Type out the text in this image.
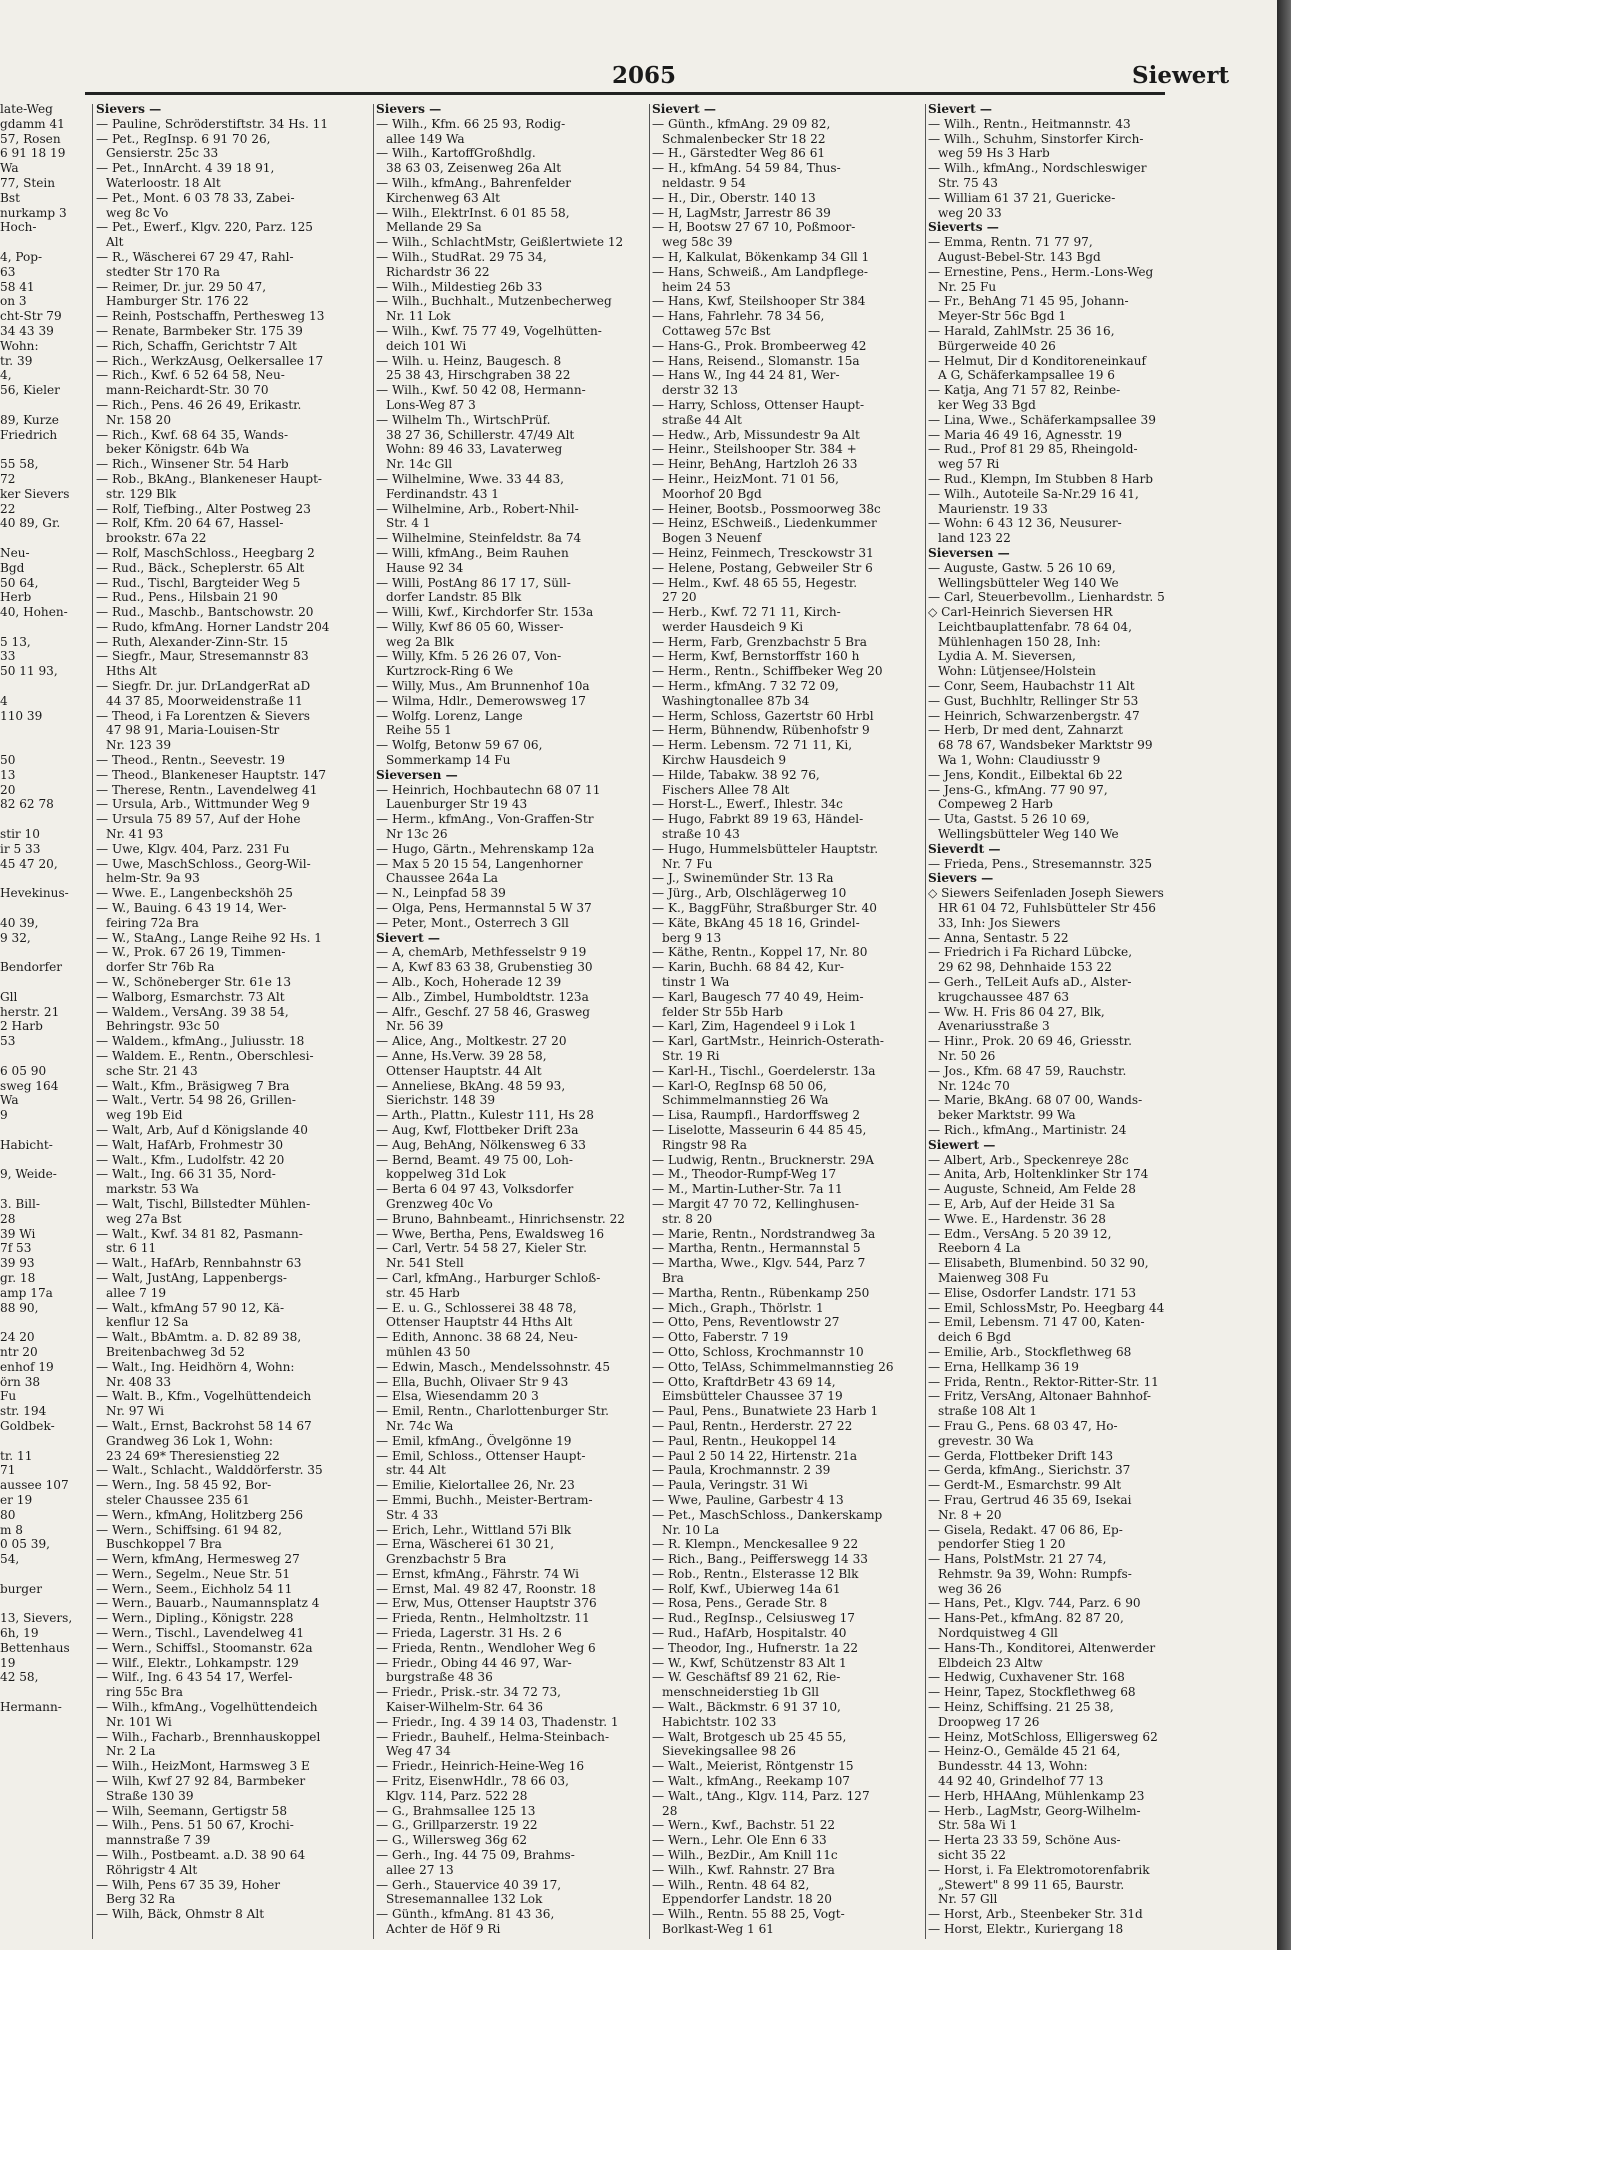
2065	Siewert
late-Weg
gdamm 41
57, Rosen
6 91 18 19
Wa
77, Stein
Bst
nurkamp 3
Hoch-

4, Pop-
63
58 41
on 3
cht-Str 79
34 43 39
Wohn:
tr. 39
4,
56, Kieler

89, Kurze
Friedrich

55 58,
72
ker Sievers
22
40 89, Gr.

Neu-
Bgd
50 64,
Herb
40, Hohen-

5 13,
33
50 11 93,

4
110 39

50
13
20
82 62 78

stir 10
ir 5 33
45 47 20,

Hevekinus-

40 39,
9 32,

Bendorfer

Gll
herstr. 21
2 Harb
53

6 05 90
sweg 164
Wa
9

Habicht-

9, Weide-

3. Bill-
28
39 Wi
7f 53
39 93
gr. 18
amp 17a
88 90,

24 20
ntr 20
enhof 19
örn 38
Fu
str. 194
Goldbek-

tr. 11
71
aussee 107
er 19
80
m 8
0 05 39,
54,

burger

13, Sievers,
6h, 19
Bettenhaus
19
42 58,

Hermann-
Sievers —
— Pauline, Schröderstiftstr. 34 Hs. 11
— Pet., RegInsp. 6 91 70 26,
Gensierstr. 25c 33
— Pet., InnArcht. 4 39 18 91,
Waterloostr. 18 Alt
— Pet., Mont. 6 03 78 33, Zabei-
weg 8c Vo
— Pet., Ewerf., Klgv. 220, Parz. 125
Alt
— R., Wäscherei 67 29 47, Rahl-
stedter Str 170 Ra
— Reimer, Dr. jur. 29 50 47,
Hamburger Str. 176 22
— Reinh, Postschaffn, Perthesweg 13
— Renate, Barmbeker Str. 175 39
— Rich, Schaffn, Gerichtstr 7 Alt
— Rich., WerkzAusg, Oelkersallee 17
— Rich., Kwf. 6 52 64 58, Neu-
mann-Reichardt-Str. 30 70
— Rich., Pens. 46 26 49, Erikastr.
Nr. 158 20
— Rich., Kwf. 68 64 35, Wands-
beker Königstr. 64b Wa
— Rich., Winsener Str. 54 Harb
— Rob., BkAng., Blankeneser Haupt-
str. 129 Blk
— Rolf, Tiefbing., Alter Postweg 23
— Rolf, Kfm. 20 64 67, Hassel-
brookstr. 67a 22
— Rolf, MaschSchloss., Heegbarg 2
— Rud., Bäck., Scheplerstr. 65 Alt
— Rud., Tischl, Bargteider Weg 5
— Rud., Pens., Hilsbain 21 90
— Rud., Maschb., Bantschowstr. 20
— Rudo, kfmAng. Horner Landstr 204
— Ruth, Alexander-Zinn-Str. 15
— Siegfr., Maur, Stresemannstr 83
Hths Alt
— Siegfr. Dr. jur. DrLandgerRat aD
44 37 85, Moorweidenstraße 11
— Theod, i Fa Lorentzen & Sievers
47 98 91, Maria-Louisen-Str
Nr. 123 39
— Theod., Rentn., Seevestr. 19
— Theod., Blankeneser Hauptstr. 147
— Therese, Rentn., Lavendelweg 41
— Ursula, Arb., Wittmunder Weg 9
— Ursula 75 89 57, Auf der Hohe
Nr. 41 93
— Uwe, Klgv. 404, Parz. 231 Fu
— Uwe, MaschSchloss., Georg-Wil-
helm-Str. 9a 93
— Wwe. E., Langenbeckshöh 25
— W., Bauing. 6 43 19 14, Wer-
feiring 72a Bra
— W., StaAng., Lange Reihe 92 Hs. 1
— W., Prok. 67 26 19, Timmen-
dorfer Str 76b Ra
— W., Schöneberger Str. 61e 13
— Walborg, Esmarchstr. 73 Alt
— Waldem., VersAng. 39 38 54,
Behringstr. 93c 50
— Waldem., kfmAng., Juliusstr. 18
— Waldem. E., Rentn., Oberschlesi-
sche Str. 21 43
— Walt., Kfm., Bräsigweg 7 Bra
— Walt., Vertr. 54 98 26, Grillen-
weg 19b Eid
— Walt, Arb, Auf d Königslande 40
— Walt, HafArb, Frohmestr 30
— Walt., Kfm., Ludolfstr. 42 20
— Walt., Ing. 66 31 35, Nord-
markstr. 53 Wa
— Walt, Tischl, Billstedter Mühlen-
weg 27a Bst
— Walt., Kwf. 34 81 82, Pasmann-
str. 6 11
— Walt., HafArb, Rennbahnstr 63
— Walt, JustAng, Lappenbergs-
allee 7 19
— Walt., kfmAng 57 90 12, Kä-
kenflur 12 Sa
— Walt., BbAmtm. a. D. 82 89 38,
Breitenbachweg 3d 52
— Walt., Ing. Heidhörn 4, Wohn:
Nr. 408 33
— Walt. B., Kfm., Vogelhüttendeich
Nr. 97 Wi
— Walt., Ernst, Backrohst 58 14 67
Grandweg 36 Lok 1, Wohn:
23 24 69* Theresienstieg 22
— Walt., Schlacht., Walddörferstr. 35
— Wern., Ing. 58 45 92, Bor-
steler Chaussee 235 61
— Wern., kfmAng, Holitzberg 256
— Wern., Schiffsing. 61 94 82,
Buschkoppel 7 Bra
— Wern, kfmAng, Hermesweg 27
— Wern., Segelm., Neue Str. 51
— Wern., Seem., Eichholz 54 11
— Wern., Bauarb., Naumannsplatz 4
— Wern., Dipling., Königstr. 228
— Wern., Tischl., Lavendelweg 41
— Wern., Schiffsl., Stoomanstr. 62a
— Wilf., Elektr., Lohkampstr. 129
— Wilf., Ing. 6 43 54 17, Werfel-
ring 55c Bra
— Wilh., kfmAng., Vogelhüttendeich
Nr. 101 Wi
— Wilh., Facharb., Brennhauskoppel
Nr. 2 La
— Wilh., HeizMont, Harmsweg 3 E
— Wilh, Kwf 27 92 84, Barmbeker
Straße 130 39
— Wilh, Seemann, Gertigstr 58
— Wilh., Pens. 51 50 67, Krochi-
mannstraße 7 39
— Wilh., Postbeamt. a.D. 38 90 64
Röhrigstr 4 Alt
— Wilh, Pens 67 35 39, Hoher
Berg 32 Ra
— Wilh, Bäck, Ohmstr 8 Alt
Sievers —
— Wilh., Kfm. 66 25 93, Rodig-
allee 149 Wa
— Wilh., KartoffGroßhdlg.
38 63 03, Zeisenweg 26a Alt
— Wilh., kfmAng., Bahrenfelder
Kirchenweg 63 Alt
— Wilh., ElektrInst. 6 01 85 58,
Mellande 29 Sa
— Wilh., SchlachtMstr, Geißlertwiete 12
— Wilh., StudRat. 29 75 34,
Richardstr 36 22
— Wilh., Mildestieg 26b 33
— Wilh., Buchhalt., Mutzenbecherweg
Nr. 11 Lok
— Wilh., Kwf. 75 77 49, Vogelhütten-
deich 101 Wi
— Wilh. u. Heinz, Baugesch. 8
25 38 43, Hirschgraben 38 22
— Wilh., Kwf. 50 42 08, Hermann-
Lons-Weg 87 3
— Wilhelm Th., WirtschPrüf.
38 27 36, Schillerstr. 47/49 Alt
Wohn: 89 46 33, Lavaterweg
Nr. 14c Gll
— Wilhelmine, Wwe. 33 44 83,
Ferdinandstr. 43 1
— Wilhelmine, Arb., Robert-Nhil-
Str. 4 1
— Wilhelmine, Steinfeldstr. 8a 74
— Willi, kfmAng., Beim Rauhen
Hause 92 34
— Willi, PostAng 86 17 17, Süll-
dorfer Landstr. 85 Blk
— Willi, Kwf., Kirchdorfer Str. 153a
— Willy, Kwf 86 05 60, Wisser-
weg 2a Blk
— Willy, Kfm. 5 26 26 07, Von-
Kurtzrock-Ring 6 We
— Willy, Mus., Am Brunnenhof 10a
— Wilma, Hdlr., Demerowsweg 17
— Wolfg. Lorenz, Lange
Reihe 55 1
— Wolfg, Betonw 59 67 06,
Sommerkamp 14 Fu
Sieversen —
— Heinrich, Hochbautechn 68 07 11
Lauenburger Str 19 43
— Herm., kfmAng., Von-Graffen-Str
Nr 13c 26
— Hugo, Gärtn., Mehrenskamp 12a
— Max 5 20 15 54, Langenhorner
Chaussee 264a La
— N., Leinpfad 58 39
— Olga, Pens, Hermannstal 5 W 37
— Peter, Mont., Osterrech 3 Gll
Sievert —
— A, chemArb, Methfesselstr 9 19
— A, Kwf 83 63 38, Grubenstieg 30
— Alb., Koch, Hoherade 12 39
— Alb., Zimbel, Humboldtstr. 123a
— Alfr., Geschf. 27 58 46, Grasweg
Nr. 56 39
— Alice, Ang., Moltkestr. 27 20
— Anne, Hs.Verw. 39 28 58,
Ottenser Hauptstr. 44 Alt
— Anneliese, BkAng. 48 59 93,
Sierichstr. 148 39
— Arth., Plattn., Kulestr 111, Hs 28
— Aug, Kwf, Flottbeker Drift 23a
— Aug, BehAng, Nölkensweg 6 33
— Bernd, Beamt. 49 75 00, Loh-
koppelweg 31d Lok
— Berta 6 04 97 43, Volksdorfer
Grenzweg 40c Vo
— Bruno, Bahnbeamt., Hinrichsenstr. 22
— Wwe, Bertha, Pens, Ewaldsweg 16
— Carl, Vertr. 54 58 27, Kieler Str.
Nr. 541 Stell
— Carl, kfmAng., Harburger Schloß-
str. 45 Harb
— E. u. G., Schlosserei 38 48 78,
Ottenser Hauptstr 44 Hths Alt
— Edith, Annonc. 38 68 24, Neu-
mühlen 43 50
— Edwin, Masch., Mendelssohnstr. 45
— Ella, Buchh, Olivaer Str 9 43
— Elsa, Wiesendamm 20 3
— Emil, Rentn., Charlottenburger Str.
Nr. 74c Wa
— Emil, kfmAng., Övelgönne 19
— Emil, Schloss., Ottenser Haupt-
str. 44 Alt
— Emilie, Kielortallee 26, Nr. 23
— Emmi, Buchh., Meister-Bertram-
Str. 4 33
— Erich, Lehr., Wittland 57i Blk
— Erna, Wäscherei 61 30 21,
Grenzbachstr 5 Bra
— Ernst, kfmAng., Fährstr. 74 Wi
— Ernst, Mal. 49 82 47, Roonstr. 18
— Erw, Mus, Ottenser Hauptstr 376
— Frieda, Rentn., Helmholtzstr. 11
— Frieda, Lagerstr. 31 Hs. 2 6
— Frieda, Rentn., Wendloher Weg 6
— Friedr., Obing 44 46 97, War-
burgstraße 48 36
— Friedr., Prisk.-str. 34 72 73,
Kaiser-Wilhelm-Str. 64 36
— Friedr., Ing. 4 39 14 03, Thadenstr. 1
— Friedr., Bauhelf., Helma-Steinbach-
Weg 47 34
— Friedr., Heinrich-Heine-Weg 16
— Fritz, EisenwHdlr., 78 66 03,
Klgv. 114, Parz. 522 28
— G., Brahmsallee 125 13
— G., Grillparzerstr. 19 22
— G., Willersweg 36g 62
— Gerh., Ing. 44 75 09, Brahms-
allee 27 13
— Gerh., Stauervice 40 39 17,
Stresemannallee 132 Lok
— Günth., kfmAng. 81 43 36,
Achter de Höf 9 Ri
Sievert —
— Günth., kfmAng. 29 09 82,
Schmalenbecker Str 18 22
— H., Gärstedter Weg 86 61
— H., kfmAng. 54 59 84, Thus-
neldastr. 9 54
— H., Dir., Oberstr. 140 13
— H, LagMstr, Jarrestr 86 39
— H, Bootsw 27 67 10, Poßmoor-
weg 58c 39
— H, Kalkulat, Bökenkamp 34 Gll 1
— Hans, Schweiß., Am Landpflege-
heim 24 53
— Hans, Kwf, Steilshooper Str 384
— Hans, Fahrlehr. 78 34 56,
Cottaweg 57c Bst
— Hans-G., Prok. Brombeerweg 42
— Hans, Reisend., Slomanstr. 15a
— Hans W., Ing 44 24 81, Wer-
derstr 32 13
— Harry, Schloss, Ottenser Haupt-
straße 44 Alt
— Hedw., Arb, Missundestr 9a Alt
— Heinr., Steilshooper Str. 384 +
— Heinr, BehAng, Hartzloh 26 33
— Heinr., HeizMont. 71 01 56,
Moorhof 20 Bgd
— Heiner, Bootsb., Possmoorweg 38c
— Heinz, ESchweiß., Liedenkummer
Bogen 3 Neuenf
— Heinz, Feinmech, Tresckowstr 31
— Helene, Postang, Gebweiler Str 6
— Helm., Kwf. 48 65 55, Hegestr.
27 20
— Herb., Kwf. 72 71 11, Kirch-
werder Hausdeich 9 Ki
— Herm, Farb, Grenzbachstr 5 Bra
— Herm, Kwf, Bernstorffstr 160 h
— Herm., Rentn., Schiffbeker Weg 20
— Herm., kfmAng. 7 32 72 09,
Washingtonallee 87b 34
— Herm, Schloss, Gazertstr 60 Hrbl
— Herm, Bühnendw, Rübenhofstr 9
— Herm. Lebensm. 72 71 11, Ki,
Kirchw Hausdeich 9
— Hilde, Tabakw. 38 92 76,
Fischers Allee 78 Alt
— Horst-L., Ewerf., Ihlestr. 34c
— Hugo, Fabrkt 89 19 63, Händel-
straße 10 43
— Hugo, Hummelsbütteler Hauptstr.
Nr. 7 Fu
— J., Swinemünder Str. 13 Ra
— Jürg., Arb, Olschlägerweg 10
— K., BaggFühr, Straßburger Str. 40
— Käte, BkAng 45 18 16, Grindel-
berg 9 13
— Käthe, Rentn., Koppel 17, Nr. 80
— Karin, Buchh. 68 84 42, Kur-
tinstr 1 Wa
— Karl, Baugesch 77 40 49, Heim-
felder Str 55b Harb
— Karl, Zim, Hagendeel 9 i Lok 1
— Karl, GartMstr., Heinrich-Osterath-
Str. 19 Ri
— Karl-H., Tischl., Goerdelerstr. 13a
— Karl-O, RegInsp 68 50 06,
Schimmelmannstieg 26 Wa
— Lisa, Raumpfl., Hardorffsweg 2
— Liselotte, Masseurin 6 44 85 45,
Ringstr 98 Ra
— Ludwig, Rentn., Brucknerstr. 29A
— M., Theodor-Rumpf-Weg 17
— M., Martin-Luther-Str. 7a 11
— Margit 47 70 72, Kellinghusen-
str. 8 20
— Marie, Rentn., Nordstrandweg 3a
— Martha, Rentn., Hermannstal 5
— Martha, Wwe., Klgv. 544, Parz 7
Bra
— Martha, Rentn., Rübenkamp 250
— Mich., Graph., Thörlstr. 1
— Otto, Pens, Reventlowstr 27
— Otto, Faberstr. 7 19
— Otto, Schloss, Krochmannstr 10
— Otto, TelAss, Schimmelmannstieg 26
— Otto, KraftdrBetr 43 69 14,
Eimsbütteler Chaussee 37 19
— Paul, Pens., Bunatwiete 23 Harb 1
— Paul, Rentn., Herderstr. 27 22
— Paul, Rentn., Heukoppel 14
— Paul 2 50 14 22, Hirtenstr. 21a
— Paula, Krochmannstr. 2 39
— Paula, Veringstr. 31 Wi
— Wwe, Pauline, Garbestr 4 13
— Pet., MaschSchloss., Dankerskamp
Nr. 10 La
— R. Klempn., Menckesallee 9 22
— Rich., Bang., Peifferswegg 14 33
— Rob., Rentn., Elsterasse 12 Blk
— Rolf, Kwf., Ubierweg 14a 61
— Rosa, Pens., Gerade Str. 8
— Rud., RegInsp., Celsiusweg 17
— Rud., HafArb, Hospitalstr. 40
— Theodor, Ing., Hufnerstr. 1a 22
— W., Kwf, Schützenstr 83 Alt 1
— W. Geschäftsf 89 21 62, Rie-
menschneiderstieg 1b Gll
— Walt., Bäckmstr. 6 91 37 10,
Habichtstr. 102 33
— Walt, Brotgesch ub 25 45 55,
Sievekingsallee 98 26
— Walt., Meierist, Röntgenstr 15
— Walt., kfmAng., Reekamp 107
— Walt., tAng., Klgv. 114, Parz. 127
28
— Wern., Kwf., Bachstr. 51 22
— Wern., Lehr. Ole Enn 6 33
— Wilh., BezDir., Am Knill 11c
— Wilh., Kwf. Rahnstr. 27 Bra
— Wilh., Rentn. 48 64 82,
Eppendorfer Landstr. 18 20
— Wilh., Rentn. 55 88 25, Vogt-
Borlkast-Weg 1 61
Sievert —
— Wilh., Rentn., Heitmannstr. 43
— Wilh., Schuhm, Sinstorfer Kirch-
weg 59 Hs 3 Harb
— Wilh., kfmAng., Nordschleswiger
Str. 75 43
— William 61 37 21, Guericke-
weg 20 33
Sieverts —
— Emma, Rentn. 71 77 97,
August-Bebel-Str. 143 Bgd
— Ernestine, Pens., Herm.-Lons-Weg
Nr. 25 Fu
— Fr., BehAng 71 45 95, Johann-
Meyer-Str 56c Bgd 1
— Harald, ZahlMstr. 25 36 16,
Bürgerweide 40 26
— Helmut, Dir d Konditoreneinkauf
A G, Schäferkampsallee 19 6
— Katja, Ang 71 57 82, Reinbe-
ker Weg 33 Bgd
— Lina, Wwe., Schäferkampsallee 39
— Maria 46 49 16, Agnesstr. 19
— Rud., Prof 81 29 85, Rheingold-
weg 57 Ri
— Rud., Klempn, Im Stubben 8 Harb
— Wilh., Autoteile Sa-Nr.29 16 41,
Maurienstr. 19 33
— Wohn: 6 43 12 36, Neusurer-
land 123 22
Sieversen —
— Auguste, Gastw. 5 26 10 69,
Wellingsbütteler Weg 140 We
— Carl, Steuerbevollm., Lienhardstr. 5
◇ Carl-Heinrich Sieversen HR
Leichtbauplattenfabr. 78 64 04,
Mühlenhagen 150 28, Inh:
Lydia A. M. Sieversen,
Wohn: Lütjensee/Holstein
— Conr, Seem, Haubachstr 11 Alt
— Gust, Buchhltr, Rellinger Str 53
— Heinrich, Schwarzenbergstr. 47
— Herb, Dr med dent, Zahnarzt
68 78 67, Wandsbeker Marktstr 99
Wa 1, Wohn: Claudiusstr 9
— Jens, Kondit., Eilbektal 6b 22
— Jens-G., kfmAng. 77 90 97,
Compeweg 2 Harb
— Uta, Gastst. 5 26 10 69,
Wellingsbütteler Weg 140 We
Sieverdt —
— Frieda, Pens., Stresemannstr. 325
Sievers —
◇ Siewers Seifenladen Joseph Siewers
HR 61 04 72, Fuhlsbütteler Str 456
33, Inh: Jos Siewers
— Anna, Sentastr. 5 22
— Friedrich i Fa Richard Lübcke,
29 62 98, Dehnhaide 153 22
— Gerh., TelLeit Aufs aD., Alster-
krugchaussee 487 63
— Ww. H. Fris 86 04 27, Blk,
Avenariusstraße 3
— Hinr., Prok. 20 69 46, Griesstr.
Nr. 50 26
— Jos., Kfm. 68 47 59, Rauchstr.
Nr. 124c 70
— Marie, BkAng. 68 07 00, Wands-
beker Marktstr. 99 Wa
— Rich., kfmAng., Martinistr. 24
Siewert —
— Albert, Arb., Speckenreye 28c
— Anita, Arb, Holtenklinker Str 174
— Auguste, Schneid, Am Felde 28
— E, Arb, Auf der Heide 31 Sa
— Wwe. E., Hardenstr. 36 28
— Edm., VersAng. 5 20 39 12,
Reeborn 4 La
— Elisabeth, Blumenbind. 50 32 90,
Maienweg 308 Fu
— Elise, Osdorfer Landstr. 171 53
— Emil, SchlossMstr, Po. Heegbarg 44
— Emil, Lebensm. 71 47 00, Katen-
deich 6 Bgd
— Emilie, Arb., Stockflethweg 68
— Erna, Hellkamp 36 19
— Frida, Rentn., Rektor-Ritter-Str. 11
— Fritz, VersAng, Altonaer Bahnhof-
straße 108 Alt 1
— Frau G., Pens. 68 03 47, Ho-
grevestr. 30 Wa
— Gerda, Flottbeker Drift 143
— Gerda, kfmAng., Sierichstr. 37
— Gerdt-M., Esmarchstr. 99 Alt
— Frau, Gertrud 46 35 69, Isekai
Nr. 8 + 20
— Gisela, Redakt. 47 06 86, Ep-
pendorfer Stieg 1 20
— Hans, PolstMstr. 21 27 74,
Rehmstr. 9a 39, Wohn: Rumpfs-
weg 36 26
— Hans, Pet., Klgv. 744, Parz. 6 90
— Hans-Pet., kfmAng. 82 87 20,
Nordquistweg 4 Gll
— Hans-Th., Konditorei, Altenwerder
Elbdeich 23 Altw
— Hedwig, Cuxhavener Str. 168
— Heinr, Tapez, Stockflethweg 68
— Heinz, Schiffsing. 21 25 38,
Droopweg 17 26
— Heinz, MotSchloss, Elligersweg 62
— Heinz-O., Gemälde 45 21 64,
Bundesstr. 44 13, Wohn:
44 92 40, Grindelhof 77 13
— Herb, HHAAng, Mühlenkamp 23
— Herb., LagMstr, Georg-Wilhelm-
Str. 58a Wi 1
— Herta 23 33 59, Schöne Aus-
sicht 35 22
— Horst, i. Fa Elektromotorenfabrik
„Stewert" 8 99 11 65, Baurstr.
Nr. 57 Gll
— Horst, Arb., Steenbeker Str. 31d
— Horst, Elektr., Kuriergang 18
